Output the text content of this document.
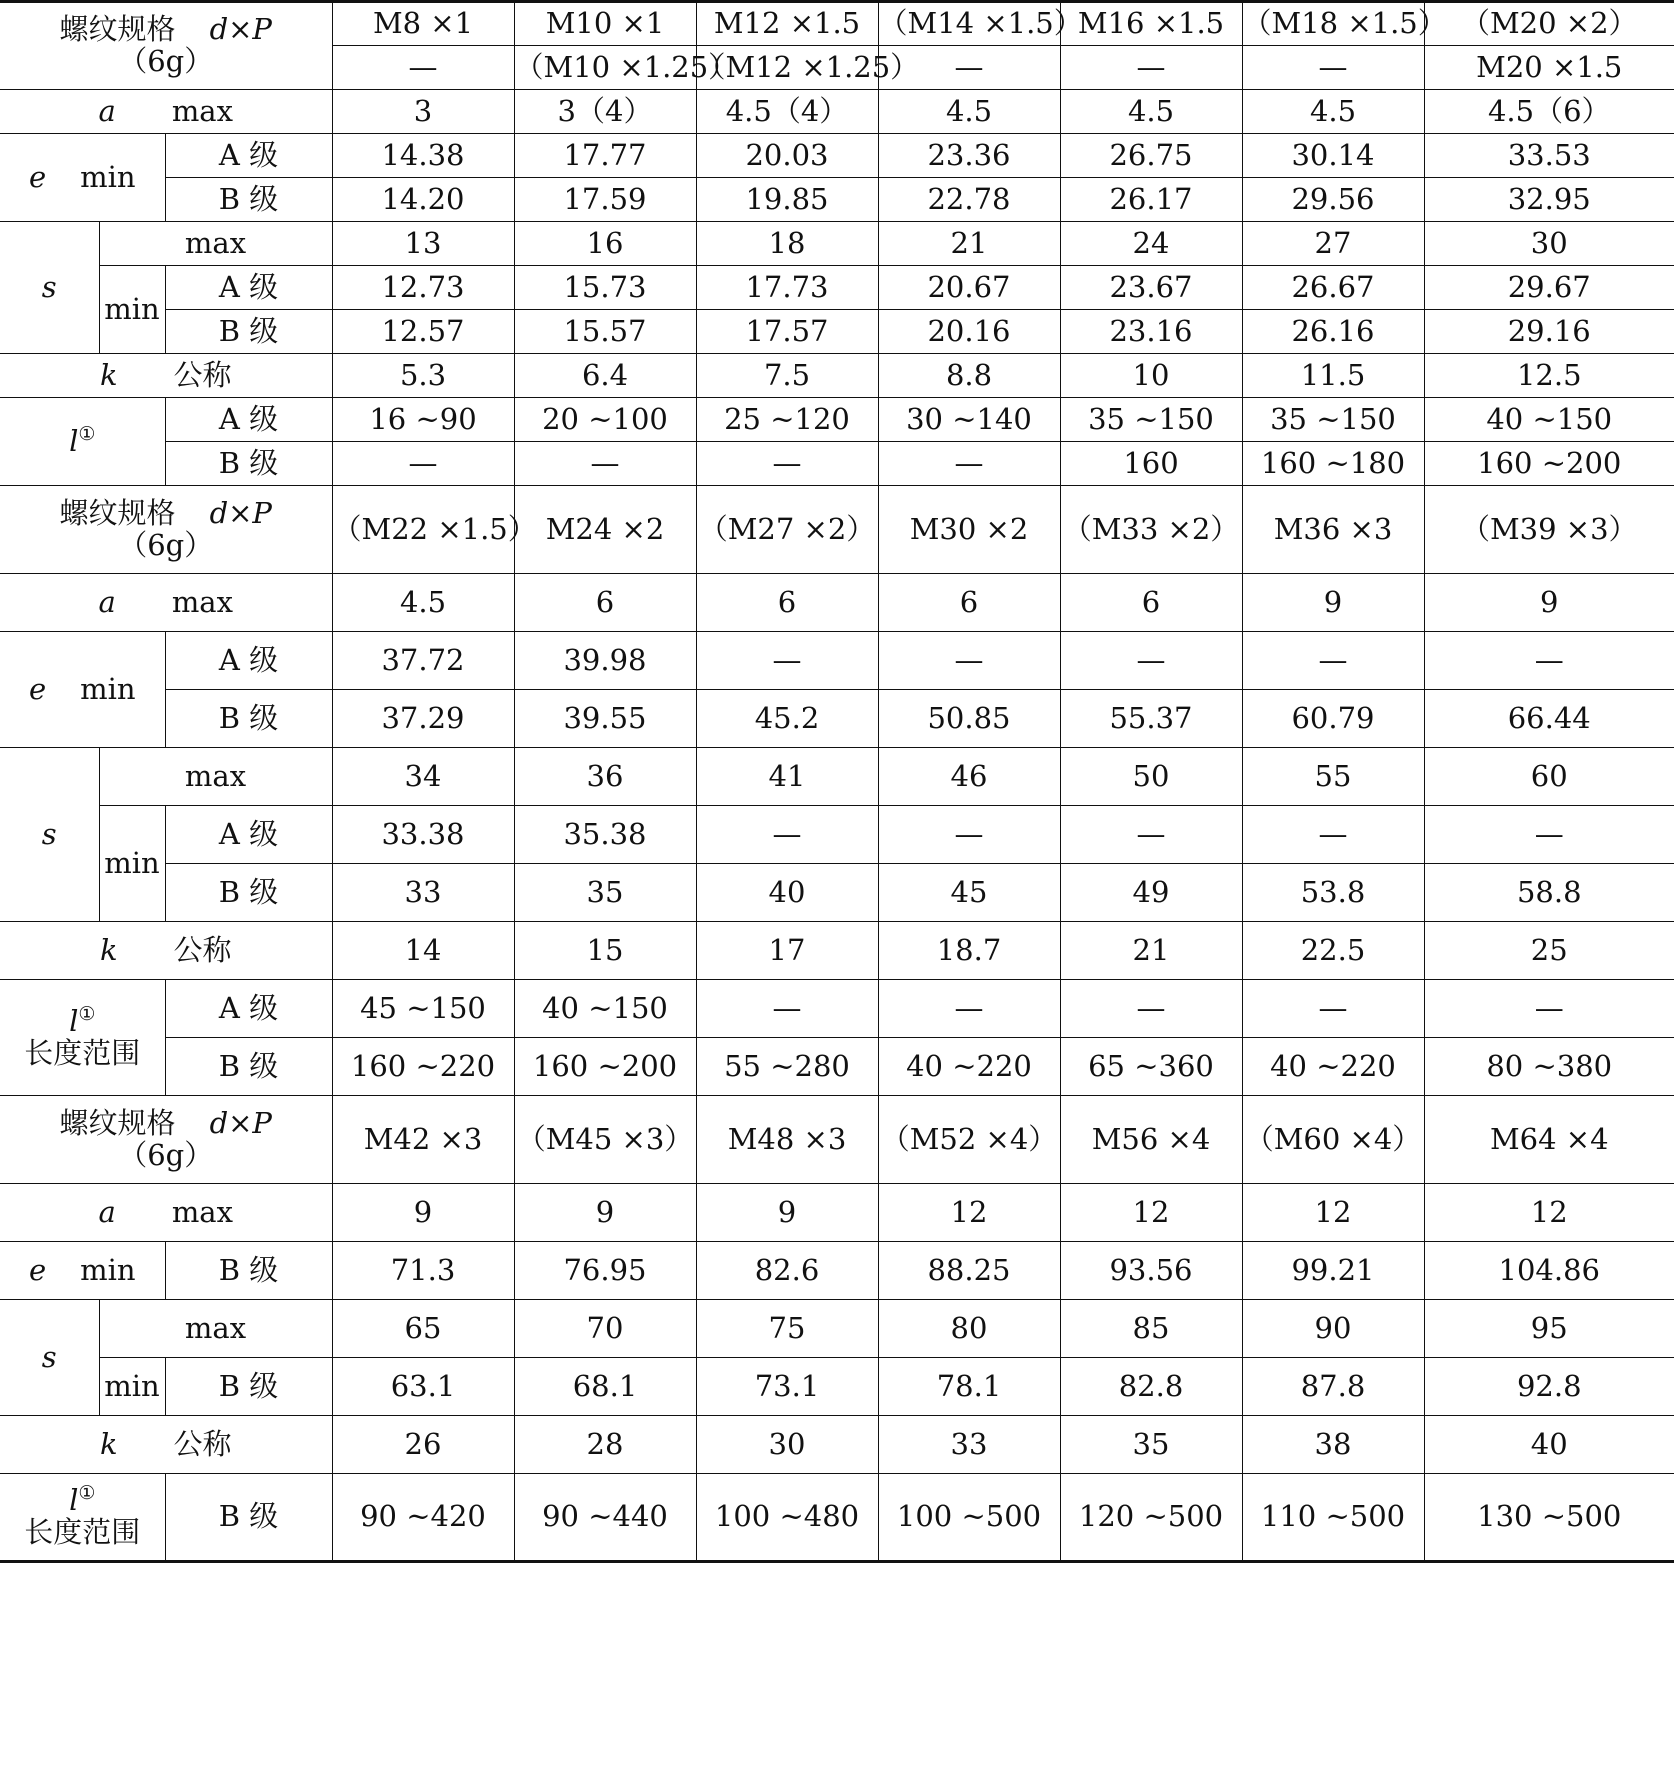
螺纹规格 d×P
（6g）			M8 ×1	M10 ×1	M12 ×1.5	（M14 ×1.5）	M16 ×1.5	（M18 ×1.5）	（M20 ×2）
			—	（M10 ×1.25）	（M12 ×1.25）	—	—	—	M20 ×1.5
a max			3	3（4）	4.5（4）	4.5	4.5	4.5	4.5（6）
e min		A 级	14.38	17.77	20.03	23.36	26.75	30.14	33.53
		B 级	14.20	17.59	19.85	22.78	26.17	29.56	32.95
s	max		13	16	18	21	24	27	30
	min	A 级	12.73	15.73	17.73	20.67	23.67	26.67	29.67
		B 级	12.57	15.57	17.57	20.16	23.16	26.16	29.16
k 公称			5.3	6.4	7.5	8.8	10	11.5	12.5

l①		A 级	16 ~90	20 ~100	25 ~120	30 ~140	35 ~150	35 ~150	40 ~150
		B 级	—	—	—	—	160	160 ~180	160 ~200

螺纹规格 d×P
（6g）			（M22 ×1.5）	M24 ×2	（M27 ×2）	M30 ×2	（M33 ×2）	M36 ×3	（M39 ×3）
a max			4.5	6	6	6	6	9	9
e min		A 级	37.72	39.98	—	—	—	—	—
		B 级	37.29	39.55	45.2	50.85	55.37	60.79	66.44
s	max		34	36	41	46	50	55	60
	min	A 级	33.38	35.38	—	—	—	—	—
		B 级	33	35	40	45	49	53.8	58.8
k 公称			14	15	17	18.7	21	22.5	25

l①
长度范围		A 级	45 ~150	40 ~150	—	—	—	—	—
		B 级	160 ~220	160 ~200	55 ~280	40 ~220	65 ~360	40 ~220	80 ~380

螺纹规格 d×P
（6g）			M42 ×3	（M45 ×3）	M48 ×3	（M52 ×4）	M56 ×4	（M60 ×4）	M64 ×4
a max			9	9	9	12	12	12	12
e min		B 级	71.3	76.95	82.6	88.25	93.56	99.21	104.86
s	max		65	70	75	80	85	90	95
	min	B 级	63.1	68.1	73.1	78.1	82.8	87.8	92.8
k 公称			26	28	30	33	35	38	40

l①
长度范围		B 级	90 ~420	90 ~440	100 ~480	100 ~500	120 ~500	110 ~500	130 ~500
